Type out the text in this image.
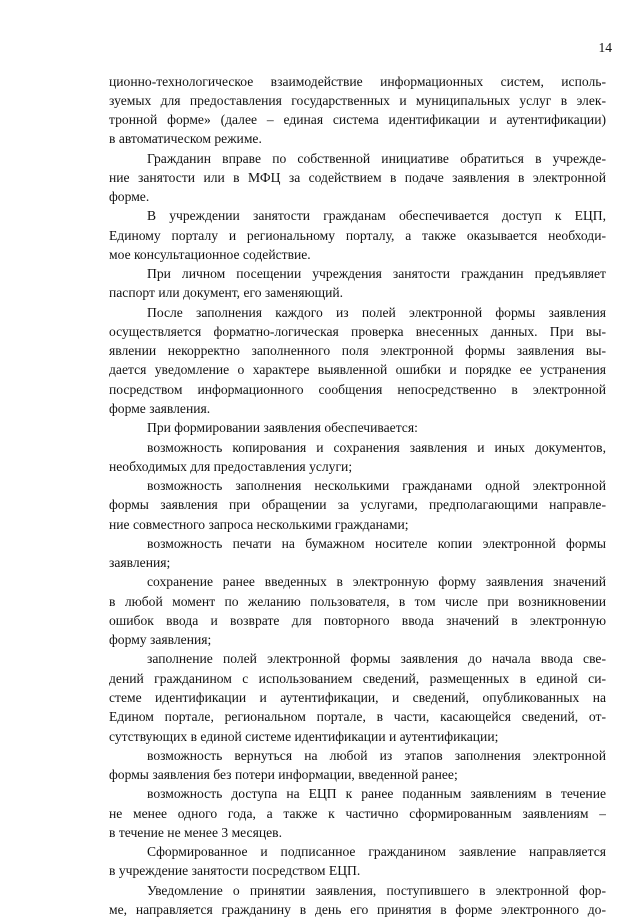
14
ционно-технологическое взаимодействие информационных систем, исполь-
зуемых для предоставления государственных и муниципальных услуг в элек-
тронной форме» (далее – единая система идентификации и аутентификации)
в автоматическом режиме.
Гражданин вправе по собственной инициативе обратиться в учрежде-
ние занятости или в МФЦ за содействием в подаче заявления в электронной
форме.
В учреждении занятости гражданам обеспечивается доступ к ЕЦП,
Единому порталу и региональному порталу, а также оказывается необходи-
мое консультационное содействие.
При личном посещении учреждения занятости гражданин предъявляет
паспорт или документ, его заменяющий.
После заполнения каждого из полей электронной формы заявления
осуществляется форматно-логическая проверка внесенных данных. При вы-
явлении некорректно заполненного поля электронной формы заявления вы-
дается уведомление о характере выявленной ошибки и порядке ее устранения
посредством информационного сообщения непосредственно в электронной
форме заявления.
При формировании заявления обеспечивается:
возможность копирования и сохранения заявления и иных документов,
необходимых для предоставления услуги;
возможность заполнения несколькими гражданами одной электронной
формы заявления при обращении за услугами, предполагающими направле-
ние совместного запроса несколькими гражданами;
возможность печати на бумажном носителе копии электронной формы
заявления;
сохранение ранее введенных в электронную форму заявления значений
в любой момент по желанию пользователя, в том числе при возникновении
ошибок ввода и возврате для повторного ввода значений в электронную
форму заявления;
заполнение полей электронной формы заявления до начала ввода све-
дений гражданином с использованием сведений, размещенных в единой си-
стеме идентификации и аутентификации, и сведений, опубликованных на
Едином портале, региональном портале, в части, касающейся сведений, от-
сутствующих в единой системе идентификации и аутентификации;
возможность вернуться на любой из этапов заполнения электронной
формы заявления без потери информации, введенной ранее;
возможность доступа на ЕЦП к ранее поданным заявлениям в течение
не менее одного года, а также к частично сформированным заявлениям –
в течение не менее 3 месяцев.
Сформированное и подписанное гражданином заявление направляется
в учреждение занятости посредством ЕЦП.
Уведомление о принятии заявления, поступившего в электронной фор-
ме, направляется гражданину в день его принятия в форме электронного до-
